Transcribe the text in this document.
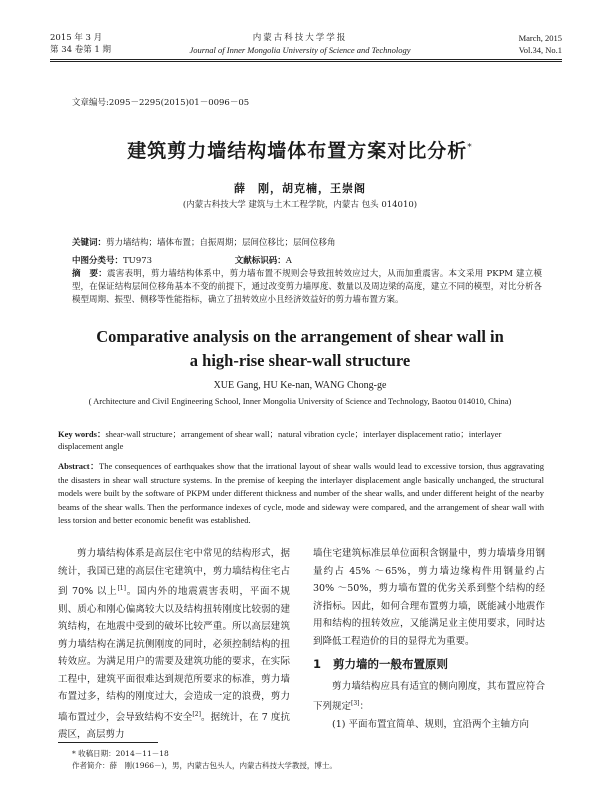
2015 年 3 月
第 34 卷第 1 期
内蒙古科技大学学报
Journal of Inner Mongolia University of Science and Technology
March, 2015
Vol.34, No.1
文章编号:2095－2295(2015)01－0096－05
建筑剪力墙结构墙体布置方案对比分析*
薛　刚，胡克楠，王崇阁
(内蒙古科技大学 建筑与土木工程学院，内蒙古 包头 014010)
关键词：剪力墙结构；墙体布置；自振周期；层间位移比；层间位移角
中图分类号：TU973	文献标识码：A
摘　要：震害表明，剪力墙结构体系中，剪力墙布置不规则会导致扭转效应过大，从而加重震害。本文采用 PKPM 建立模型，在保证结构层间位移角基本不变的前提下，通过改变剪力墙厚度、数量以及周边梁的高度，建立不同的模型，对比分析各模型周期、振型、侧移等性能指标，确立了扭转效应小且经济效益好的剪力墙布置方案。
Comparative analysis on the arrangement of shear wall in
a high-rise shear-wall structure
XUE Gang, HU Ke-nan, WANG Chong-ge
( Architecture and Civil Engineering School, Inner Mongolia University of Science and Technology, Baotou 014010, China)
Key words：shear-wall structure；arrangement of shear wall；natural vibration cycle；interlayer displacement ratio；interlayer displacement angle
Abstract：The consequences of earthquakes show that the irrational layout of shear walls would lead to excessive torsion, thus aggravating the disasters in shear wall structure systems. In the premise of keeping the interlayer displacement angle basically unchanged, the structural models were built by the software of PKPM under different thickness and number of the shear walls, and under different height of the nearby beams of the shear walls. Then the performance indexes of cycle, mode and sideway were compared, and the arrangement of shear wall with less torsion and better economic benefit was established.

剪力墙结构体系是高层住宅中常见的结构形式，据统计，我国已建的高层住宅建筑中，剪力墙结构住宅占到 70% 以上[1]。国内外的地震震害表明，平面不规则、质心和刚心偏离较大以及结构扭转刚度比较弱的建筑结构，在地震中受到的破坏比较严重。所以高层建筑剪力墙结构在满足抗侧刚度的同时，必须控制结构的扭转效应。为满足用户的需要及建筑功能的要求，在实际工程中，建筑平面很难达到规范所要求的标准，剪力墙布置过多，结构的刚度过大，会造成一定的浪费，剪力墙布置过少，会导致结构不安全[2]。据统计，在 7 度抗震区，高层剪力

墙住宅建筑标准层单位面积含钢量中，剪力墙墙身用钢量约占 45% ～65%，剪力墙边缘构件用钢量约占 30% ～50%，剪力墙布置的优劣关系到整个结构的经济指标。因此，如何合理布置剪力墙，既能减小地震作用和结构的扭转效应，又能满足业主使用要求，同时达到降低工程造价的目的显得尤为重要。

1 剪力墙的一般布置原则

剪力墙结构应具有适宜的侧向刚度，其布置应符合下列规定[3]：

(1) 平面布置宜简单、规则，宜沿两个主轴方向

* 收稿日期：2014－11－18
作者简介：薛　刚(1966－)，男，内蒙古包头人，内蒙古科技大学教授，博士。
